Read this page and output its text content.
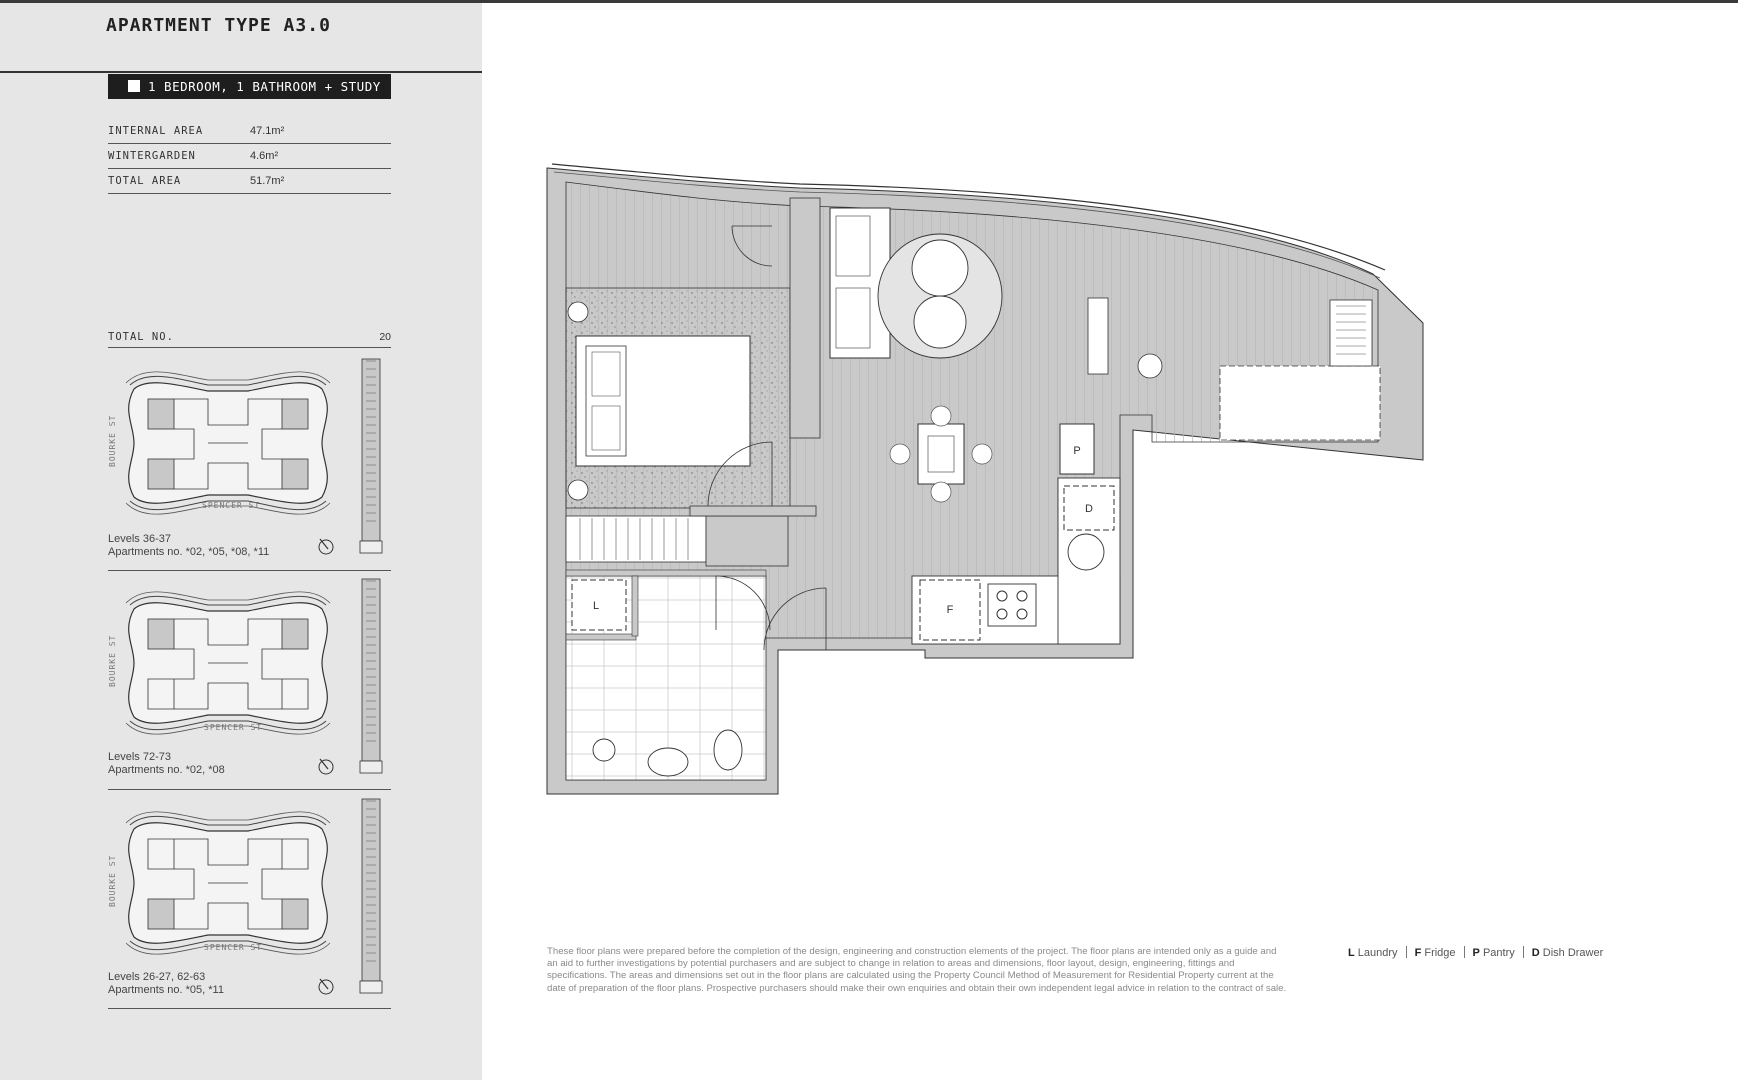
APARTMENT TYPE A3.0
1 BEDROOM, 1 BATHROOM + STUDY
INTERNAL AREA	47.1m²
WINTERGARDEN	4.6m²
TOTAL AREA	51.7m²
TOTAL NO.	20
BOURKE ST
SPENCER ST
Levels 36-37
Apartments no. *02, *05, *08, *11
BOURKE ST
SPENCER ST
Levels 72-73
Apartments no. *02, *08
BOURKE ST
SPENCER ST
Levels 26-27, 62-63
Apartments no. *05, *11
L	F
P
D
These floor plans were prepared before the completion of the design, engineering and construction elements of the project. The floor plans are intended only as a guide and an aid to further investigations by potential purchasers and are subject to change in relation to areas and dimensions, floor layout, design, engineering, fittings and specifications. The areas and dimensions set out in the floor plans are calculated using the Property Council Method of Measurement for Residential Property current at the date of preparation of the floor plans. Prospective purchasers should make their own enquiries and obtain their own independent legal advice in relation to the contract of sale.
L Laundry F Fridge P Pantry D Dish Drawer
